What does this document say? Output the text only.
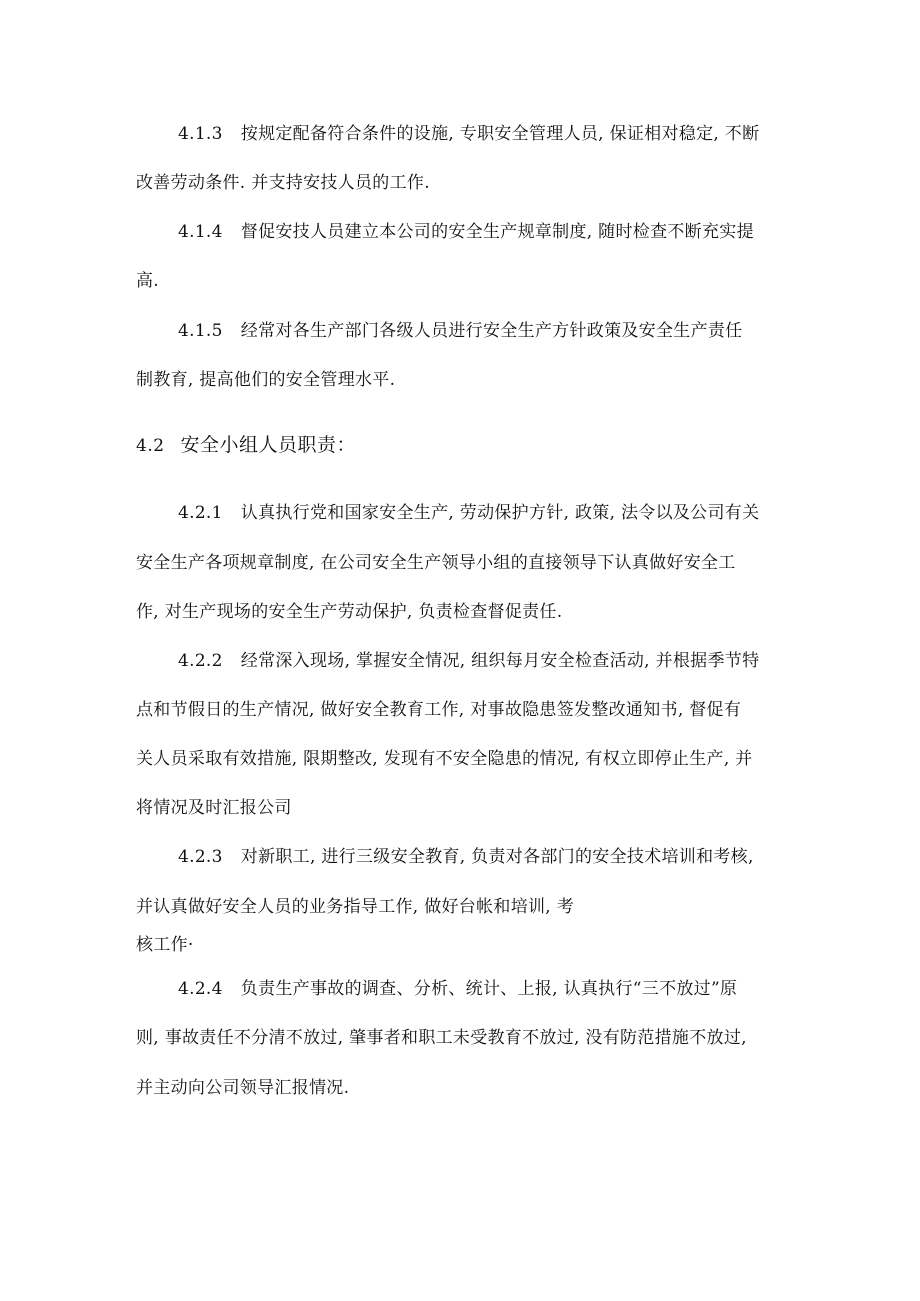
4.1.3 按规定配备符合条件的设施, 专职安全管理人员, 保证相对稳定, 不断
改善劳动条件. 并支持安技人员的工作.
4.1.4 督促安技人员建立本公司的安全生产规章制度, 随时检查不断充实提
高.
4.1.5 经常对各生产部门各级人员进行安全生产方针政策及安全生产责任
制教育, 提高他们的安全管理水平.
4.2 安全小组人员职责：
4.2.1 认真执行党和国家安全生产, 劳动保护方针, 政策, 法令以及公司有关
安全生产各项规章制度, 在公司安全生产领导小组的直接领导下认真做好安全工
作, 对生产现场的安全生产劳动保护, 负责检查督促责任.
4.2.2 经常深入现场, 掌握安全情况, 组织每月安全检查活动, 并根据季节特
点和节假日的生产情况, 做好安全教育工作, 对事故隐患签发整改通知书, 督促有
关人员采取有效措施, 限期整改, 发现有不安全隐患的情况, 有权立即停止生产, 并
将情况及时汇报公司
4.2.3 对新职工, 进行三级安全教育, 负责对各部门的安全技术培训和考核,
并认真做好安全人员的业务指导工作, 做好台帐和培训, 考
核工作·
4.2.4 负责生产事故的调查、分析、统计、上报, 认真执行“三不放过”原
则, 事故责任不分清不放过, 肇事者和职工未受教育不放过, 没有防范措施不放过,
并主动向公司领导汇报情况.
